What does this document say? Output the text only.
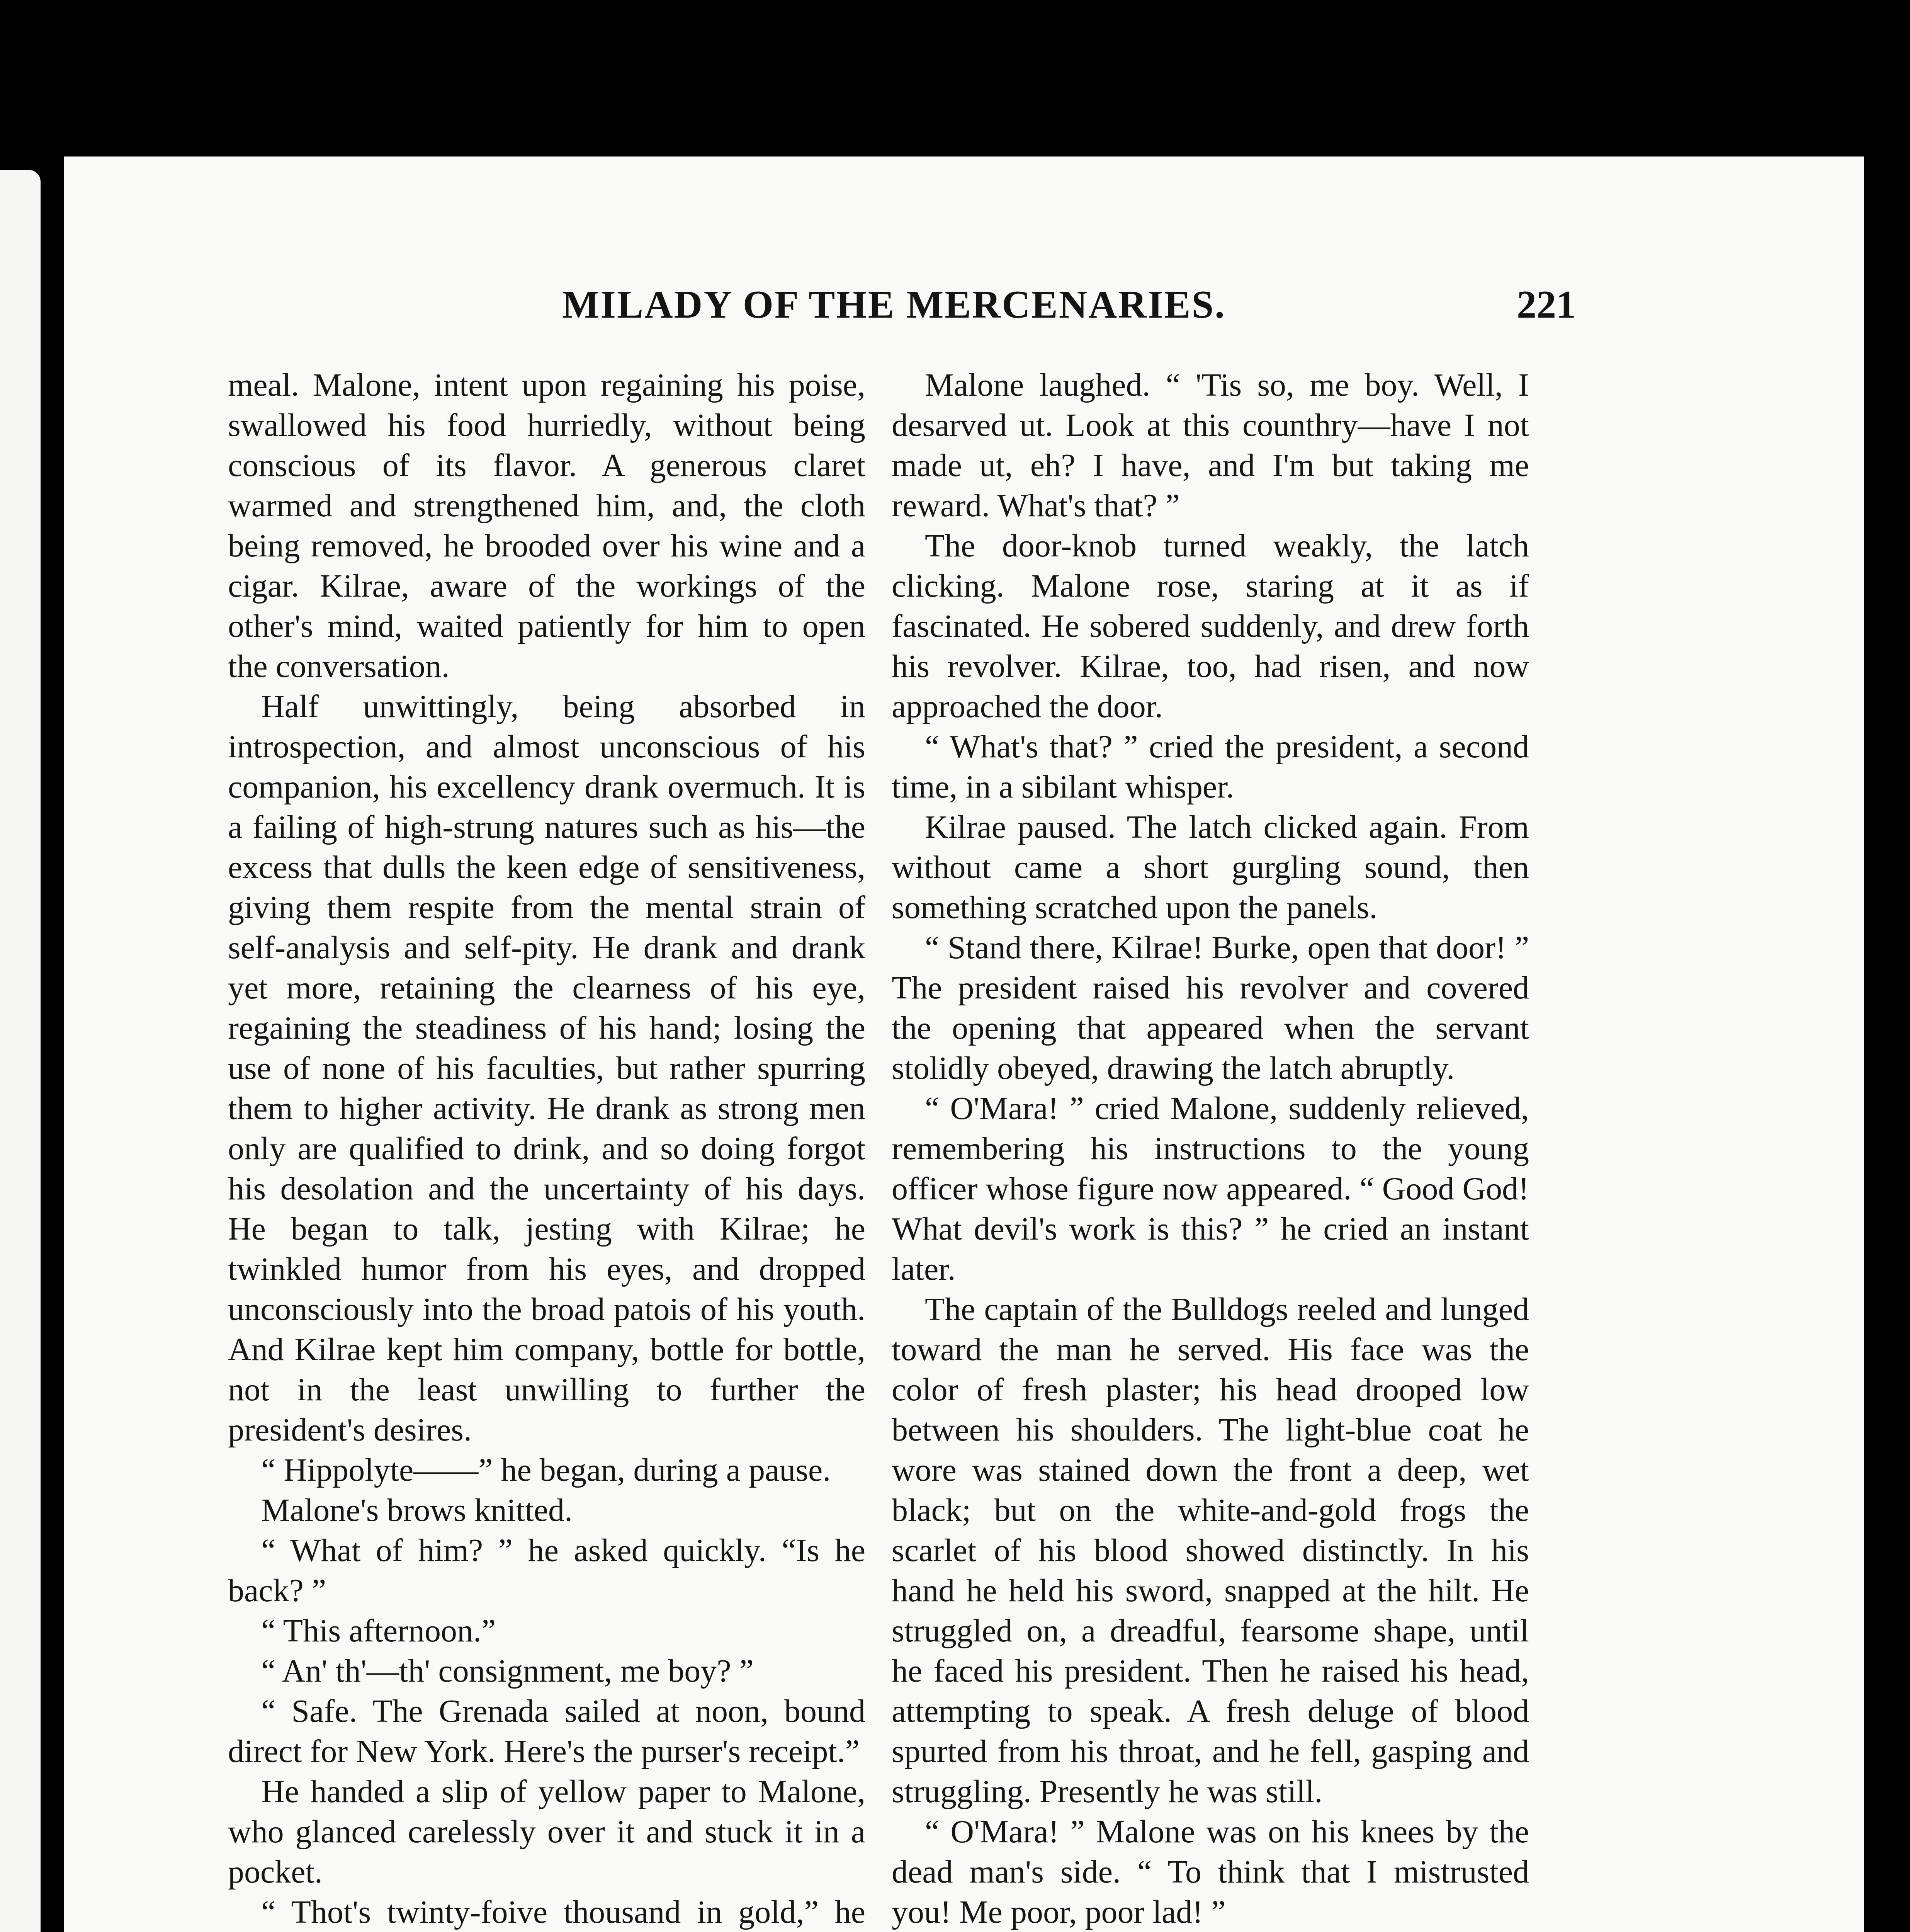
MILADY OF THE MERCENARIES.	221

meal. Malone, intent upon regaining his poise, swallowed his food hurriedly, without being conscious of its flavor. A generous claret warmed and strengthened him, and, the cloth being removed, he brooded over his wine and a cigar. Kilrae, aware of the workings of the other's mind, waited patiently for him to open the conversation.

Half unwittingly, being absorbed in introspection, and almost unconscious of his companion, his excellency drank overmuch. It is a failing of high-strung natures such as his—the excess that dulls the keen edge of sensitiveness, giving them respite from the mental strain of self-analysis and self-pity. He drank and drank yet more, retaining the clearness of his eye, regaining the steadiness of his hand; losing the use of none of his faculties, but rather spurring them to higher activity. He drank as strong men only are qualified to drink, and so doing forgot his desolation and the uncertainty of his days. He began to talk, jesting with Kilrae; he twinkled humor from his eyes, and dropped unconsciously into the broad patois of his youth. And Kilrae kept him company, bottle for bottle, not in the least unwilling to further the president's desires.

“ Hippolyte——” he began, during a pause.

Malone's brows knitted.

“ What of him? ” he asked quickly. “Is he back? ”

“ This afternoon.”

“ An' th'—th' consignment, me boy? ”

“ Safe. The Grenada sailed at noon, bound direct for New York. Here's the purser's receipt.”

He handed a slip of yellow paper to Malone, who glanced carelessly over it and stuck it in a pocket.

“ Thot's twinty-foive thousand in gold,” he

Malone laughed. “ 'Tis so, me boy. Well, I desarved ut. Look at this counthry—have I not made ut, eh? I have, and I'm but taking me reward. What's that? ”

The door-knob turned weakly, the latch clicking. Malone rose, staring at it as if fascinated. He sobered suddenly, and drew forth his revolver. Kilrae, too, had risen, and now approached the door.

“ What's that? ” cried the president, a second time, in a sibilant whisper.

Kilrae paused. The latch clicked again. From without came a short gurgling sound, then something scratched upon the panels.

“ Stand there, Kilrae! Burke, open that door! ” The president raised his revolver and covered the opening that appeared when the servant stolidly obeyed, drawing the latch abruptly.

“ O'Mara! ” cried Malone, suddenly relieved, remembering his instructions to the young officer whose figure now appeared. “ Good God! What devil's work is this? ” he cried an instant later.

The captain of the Bulldogs reeled and lunged toward the man he served. His face was the color of fresh plaster; his head drooped low between his shoulders. The light-blue coat he wore was stained down the front a deep, wet black; but on the white-and-gold frogs the scarlet of his blood showed distinctly. In his hand he held his sword, snapped at the hilt. He struggled on, a dreadful, fearsome shape, until he faced his president. Then he raised his head, attempting to speak. A fresh deluge of blood spurted from his throat, and he fell, gasping and struggling. Presently he was still.

“ O'Mara! ” Malone was on his knees by the dead man's side. “ To think that I mistrusted you! Me poor, poor lad! ”
